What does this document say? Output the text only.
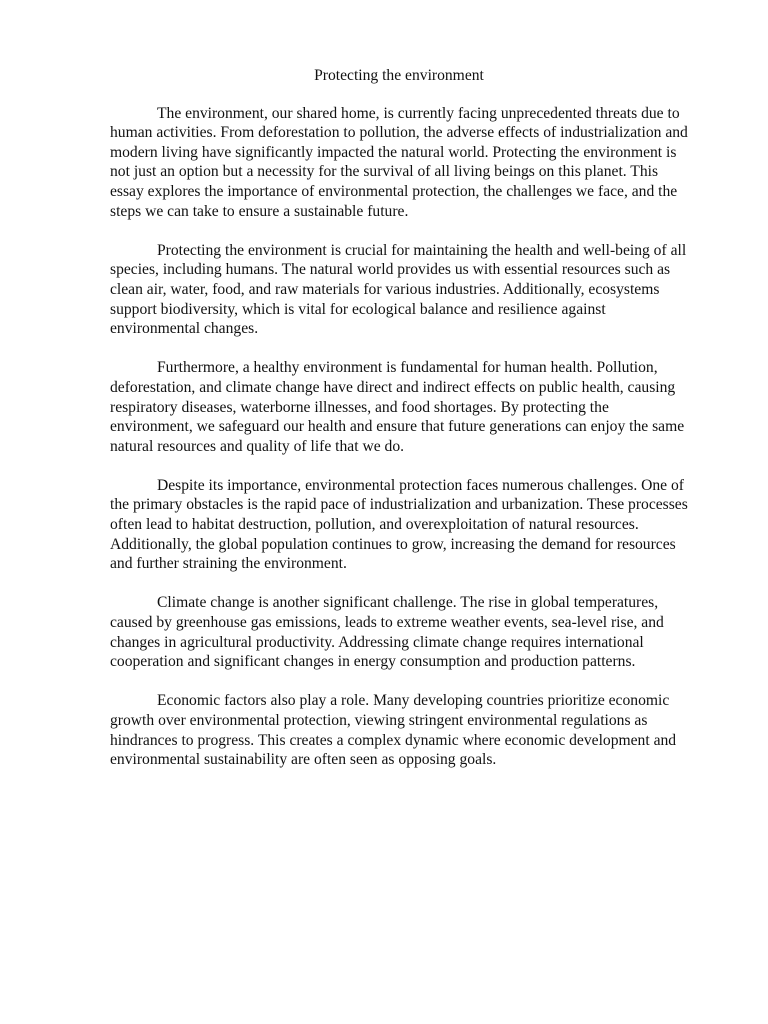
Protecting the environment

The environment, our shared home, is currently facing unprecedented threats due to human activities. From deforestation to pollution, the adverse effects of industrialization and modern living have significantly impacted the natural world. Protecting the environment is not just an option but a necessity for the survival of all living beings on this planet. This essay explores the importance of environmental protection, the challenges we face, and the steps we can take to ensure a sustainable future.

Protecting the environment is crucial for maintaining the health and well-being of all species, including humans. The natural world provides us with essential resources such as clean air, water, food, and raw materials for various industries. Additionally, ecosystems support biodiversity, which is vital for ecological balance and resilience against environmental changes.

Furthermore, a healthy environment is fundamental for human health. Pollution, deforestation, and climate change have direct and indirect effects on public health, causing respiratory diseases, waterborne illnesses, and food shortages. By protecting the environment, we safeguard our health and ensure that future generations can enjoy the same natural resources and quality of life that we do.

Despite its importance, environmental protection faces numerous challenges. One of the primary obstacles is the rapid pace of industrialization and urbanization. These processes often lead to habitat destruction, pollution, and overexploitation of natural resources. Additionally, the global population continues to grow, increasing the demand for resources and further straining the environment.

Climate change is another significant challenge. The rise in global temperatures, caused by greenhouse gas emissions, leads to extreme weather events, sea-level rise, and changes in agricultural productivity. Addressing climate change requires international cooperation and significant changes in energy consumption and production patterns.

Economic factors also play a role. Many developing countries prioritize economic growth over environmental protection, viewing stringent environmental regulations as hindrances to progress. This creates a complex dynamic where economic development and environmental sustainability are often seen as opposing goals.
